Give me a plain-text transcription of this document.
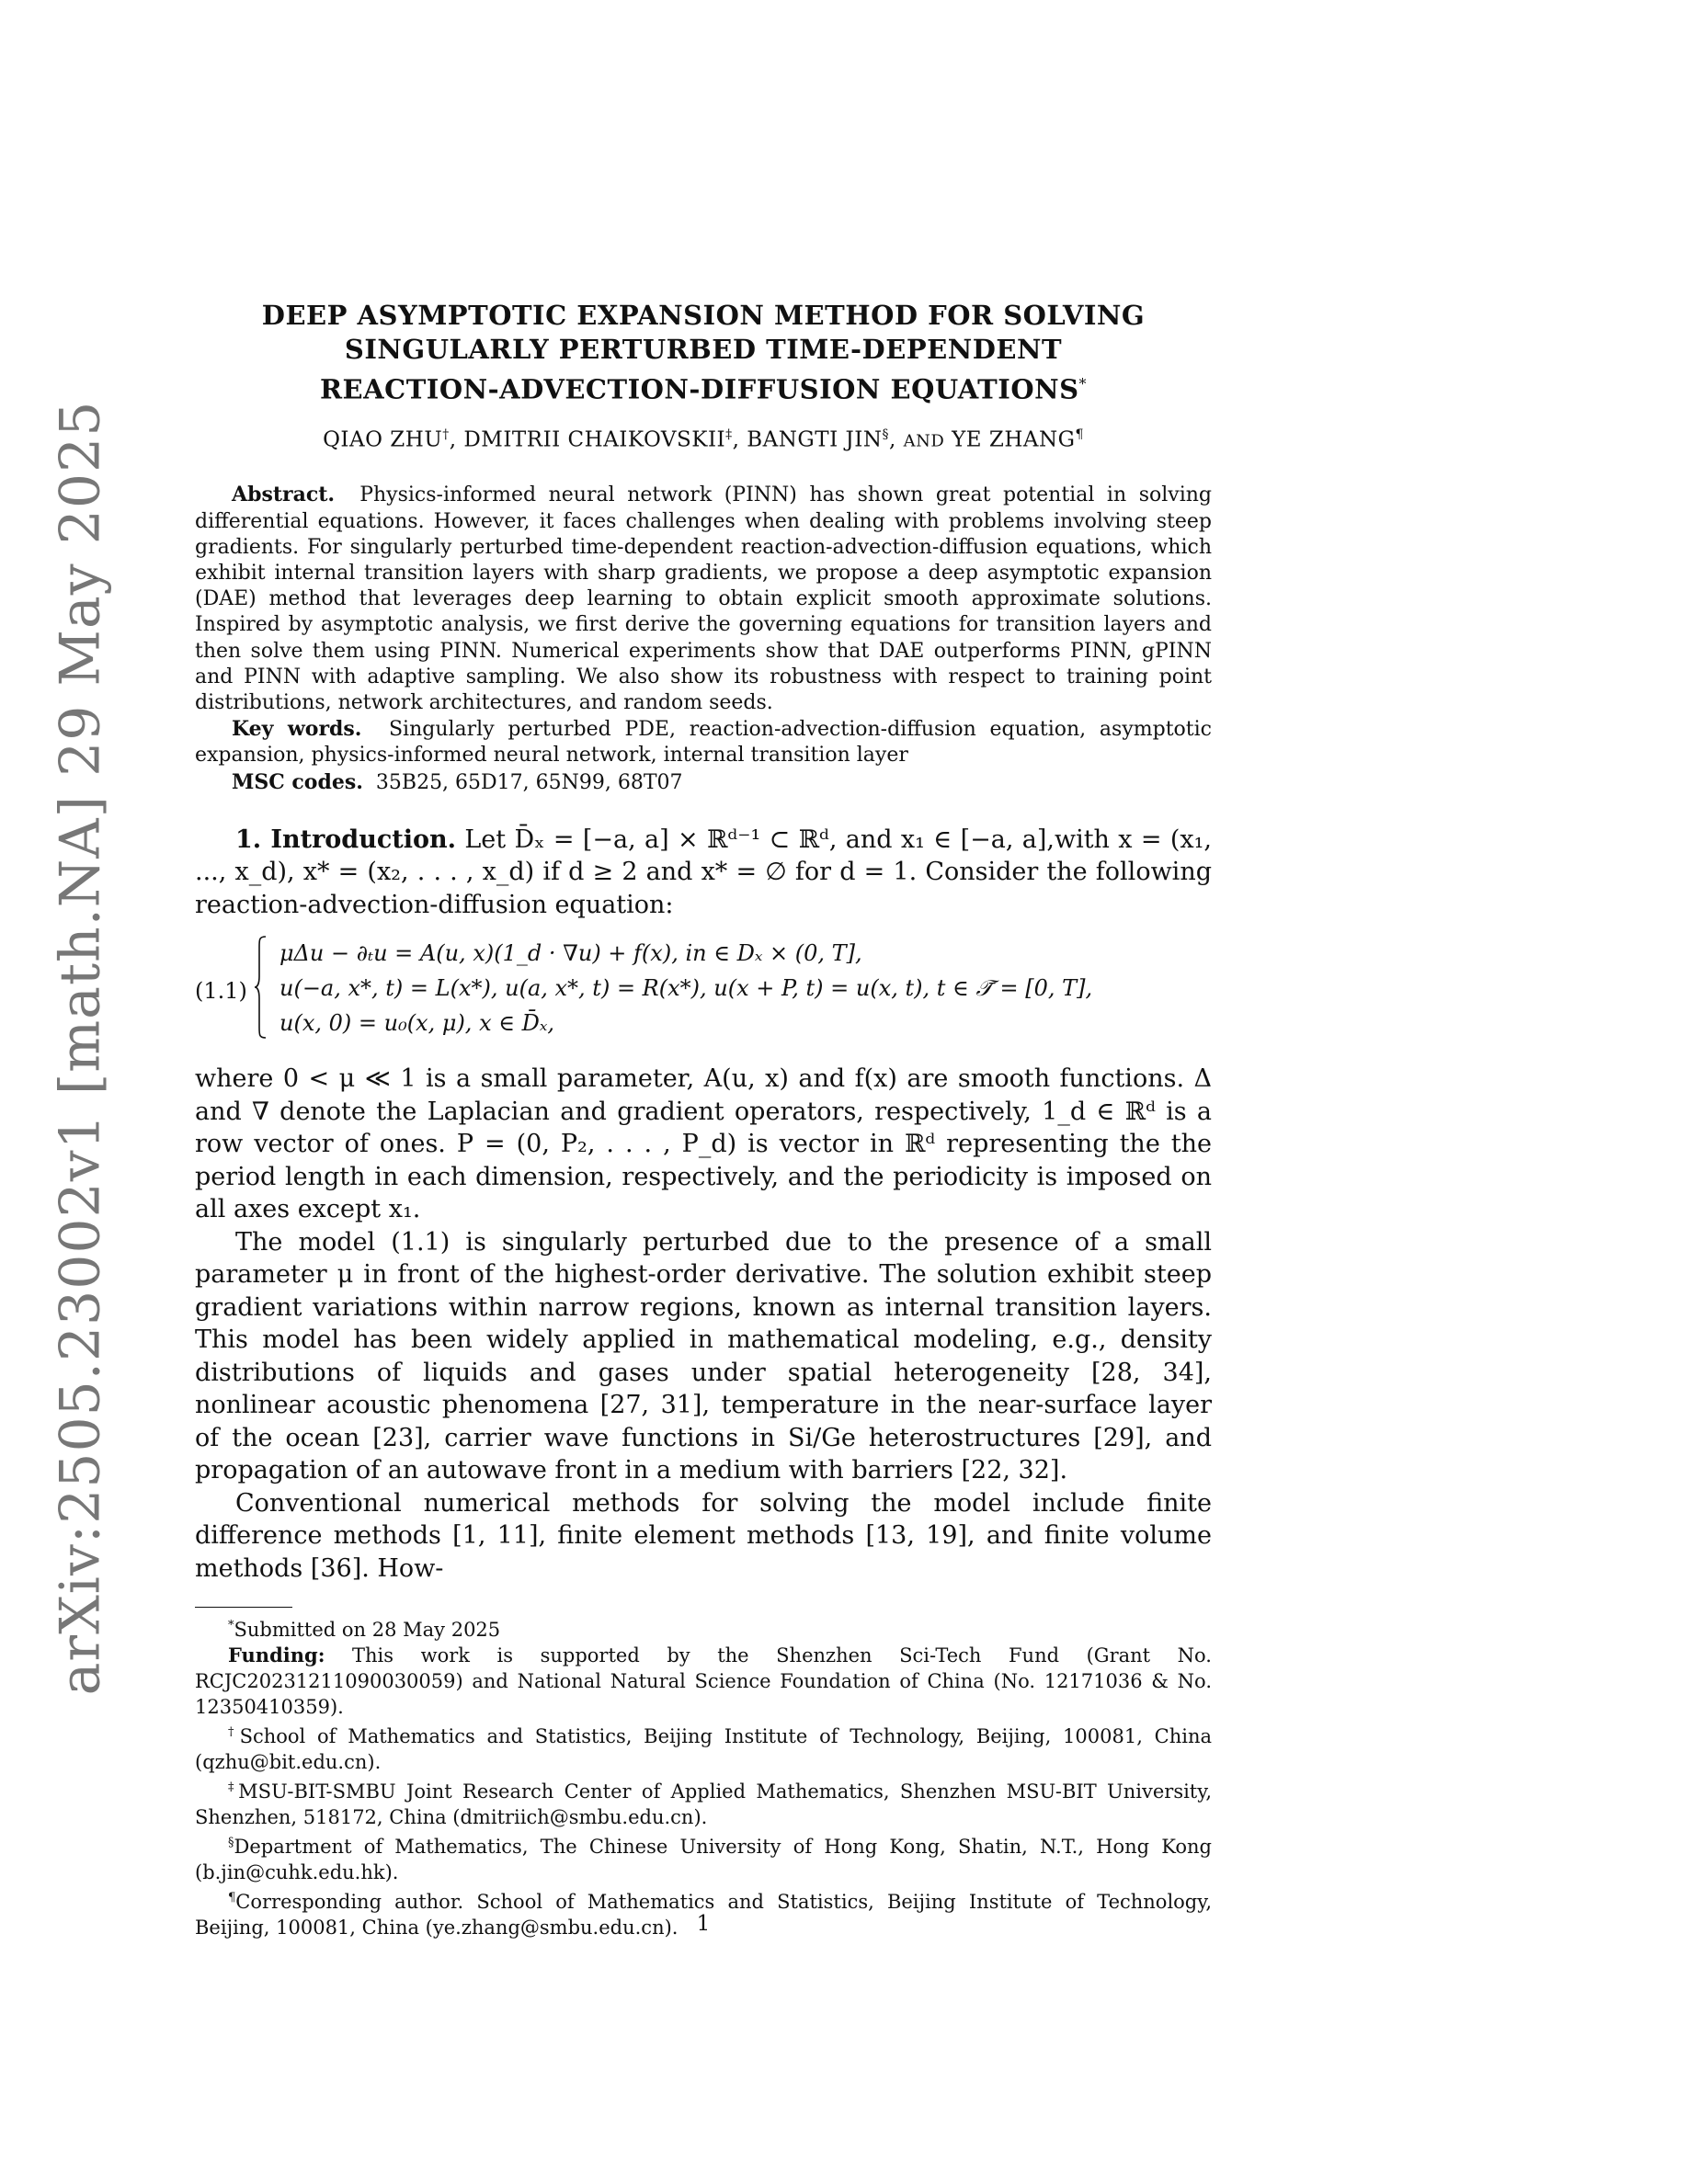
arXiv:2505.23002v1 [math.NA] 29 May 2025
DEEP ASYMPTOTIC EXPANSION METHOD FOR SOLVING
SINGULARLY PERTURBED TIME-DEPENDENT
REACTION-ADVECTION-DIFFUSION EQUATIONS*
QIAO ZHU†, DMITRII CHAIKOVSKII‡, BANGTI JIN§, AND YE ZHANG¶

Abstract. Physics-informed neural network (PINN) has shown great potential in solving differential equations. However, it faces challenges when dealing with problems involving steep gradients. For singularly perturbed time-dependent reaction-advection-diffusion equations, which exhibit internal transition layers with sharp gradients, we propose a deep asymptotic expansion (DAE) method that leverages deep learning to obtain explicit smooth approximate solutions. Inspired by asymptotic analysis, we first derive the governing equations for transition layers and then solve them using PINN. Numerical experiments show that DAE outperforms PINN, gPINN and PINN with adaptive sampling. We also show its robustness with respect to training point distributions, network architectures, and random seeds.

Key words. Singularly perturbed PDE, reaction-advection-diffusion equation, asymptotic expansion, physics-informed neural network, internal transition layer

MSC codes. 35B25, 65D17, 65N99, 68T07

1. Introduction. Let D̄ₓ = [−a, a] × ℝᵈ⁻¹ ⊂ ℝᵈ, and x₁ ∈ [−a, a],with x = (x₁, ..., x_d), x* = (x₂, . . . , x_d) if d ≥ 2 and x* = ∅ for d = 1. Consider the following reaction-advection-diffusion equation:

(1.1)
μΔu − ∂ₜu = A(u, x)(1_d · ∇u) + f(x), in ∈ Dₓ × (0, T],
u(−a, x*, t) = L(x*), u(a, x*, t) = R(x*), u(x + P, t) = u(x, t), t ∈ 𝒯̄ = [0, T],
u(x, 0) = u₀(x, μ), x ∈ D̄ₓ,

where 0 < μ ≪ 1 is a small parameter, A(u, x) and f(x) are smooth functions. Δ and ∇ denote the Laplacian and gradient operators, respectively, 1_d ∈ ℝᵈ is a row vector of ones. P = (0, P₂, . . . , P_d) is vector in ℝᵈ representing the the period length in each dimension, respectively, and the periodicity is imposed on all axes except x₁.

The model (1.1) is singularly perturbed due to the presence of a small parameter μ in front of the highest-order derivative. The solution exhibit steep gradient variations within narrow regions, known as internal transition layers. This model has been widely applied in mathematical modeling, e.g., density distributions of liquids and gases under spatial heterogeneity [28, 34], nonlinear acoustic phenomena [27, 31], temperature in the near-surface layer of the ocean [23], carrier wave functions in Si/Ge heterostructures [29], and propagation of an autowave front in a medium with barriers [22, 32].

Conventional numerical methods for solving the model include finite difference methods [1, 11], finite element methods [13, 19], and finite volume methods [36]. How-

*Submitted on 28 May 2025

Funding: This work is supported by the Shenzhen Sci-Tech Fund (Grant No. RCJC20231211090030059) and National Natural Science Foundation of China (No. 12171036 & No. 12350410359).

†School of Mathematics and Statistics, Beijing Institute of Technology, Beijing, 100081, China (qzhu@bit.edu.cn).

‡MSU-BIT-SMBU Joint Research Center of Applied Mathematics, Shenzhen MSU-BIT University, Shenzhen, 518172, China (dmitriich@smbu.edu.cn).

§Department of Mathematics, The Chinese University of Hong Kong, Shatin, N.T., Hong Kong (b.jin@cuhk.edu.hk).

¶Corresponding author. School of Mathematics and Statistics, Beijing Institute of Technology, Beijing, 100081, China (ye.zhang@smbu.edu.cn). 1
